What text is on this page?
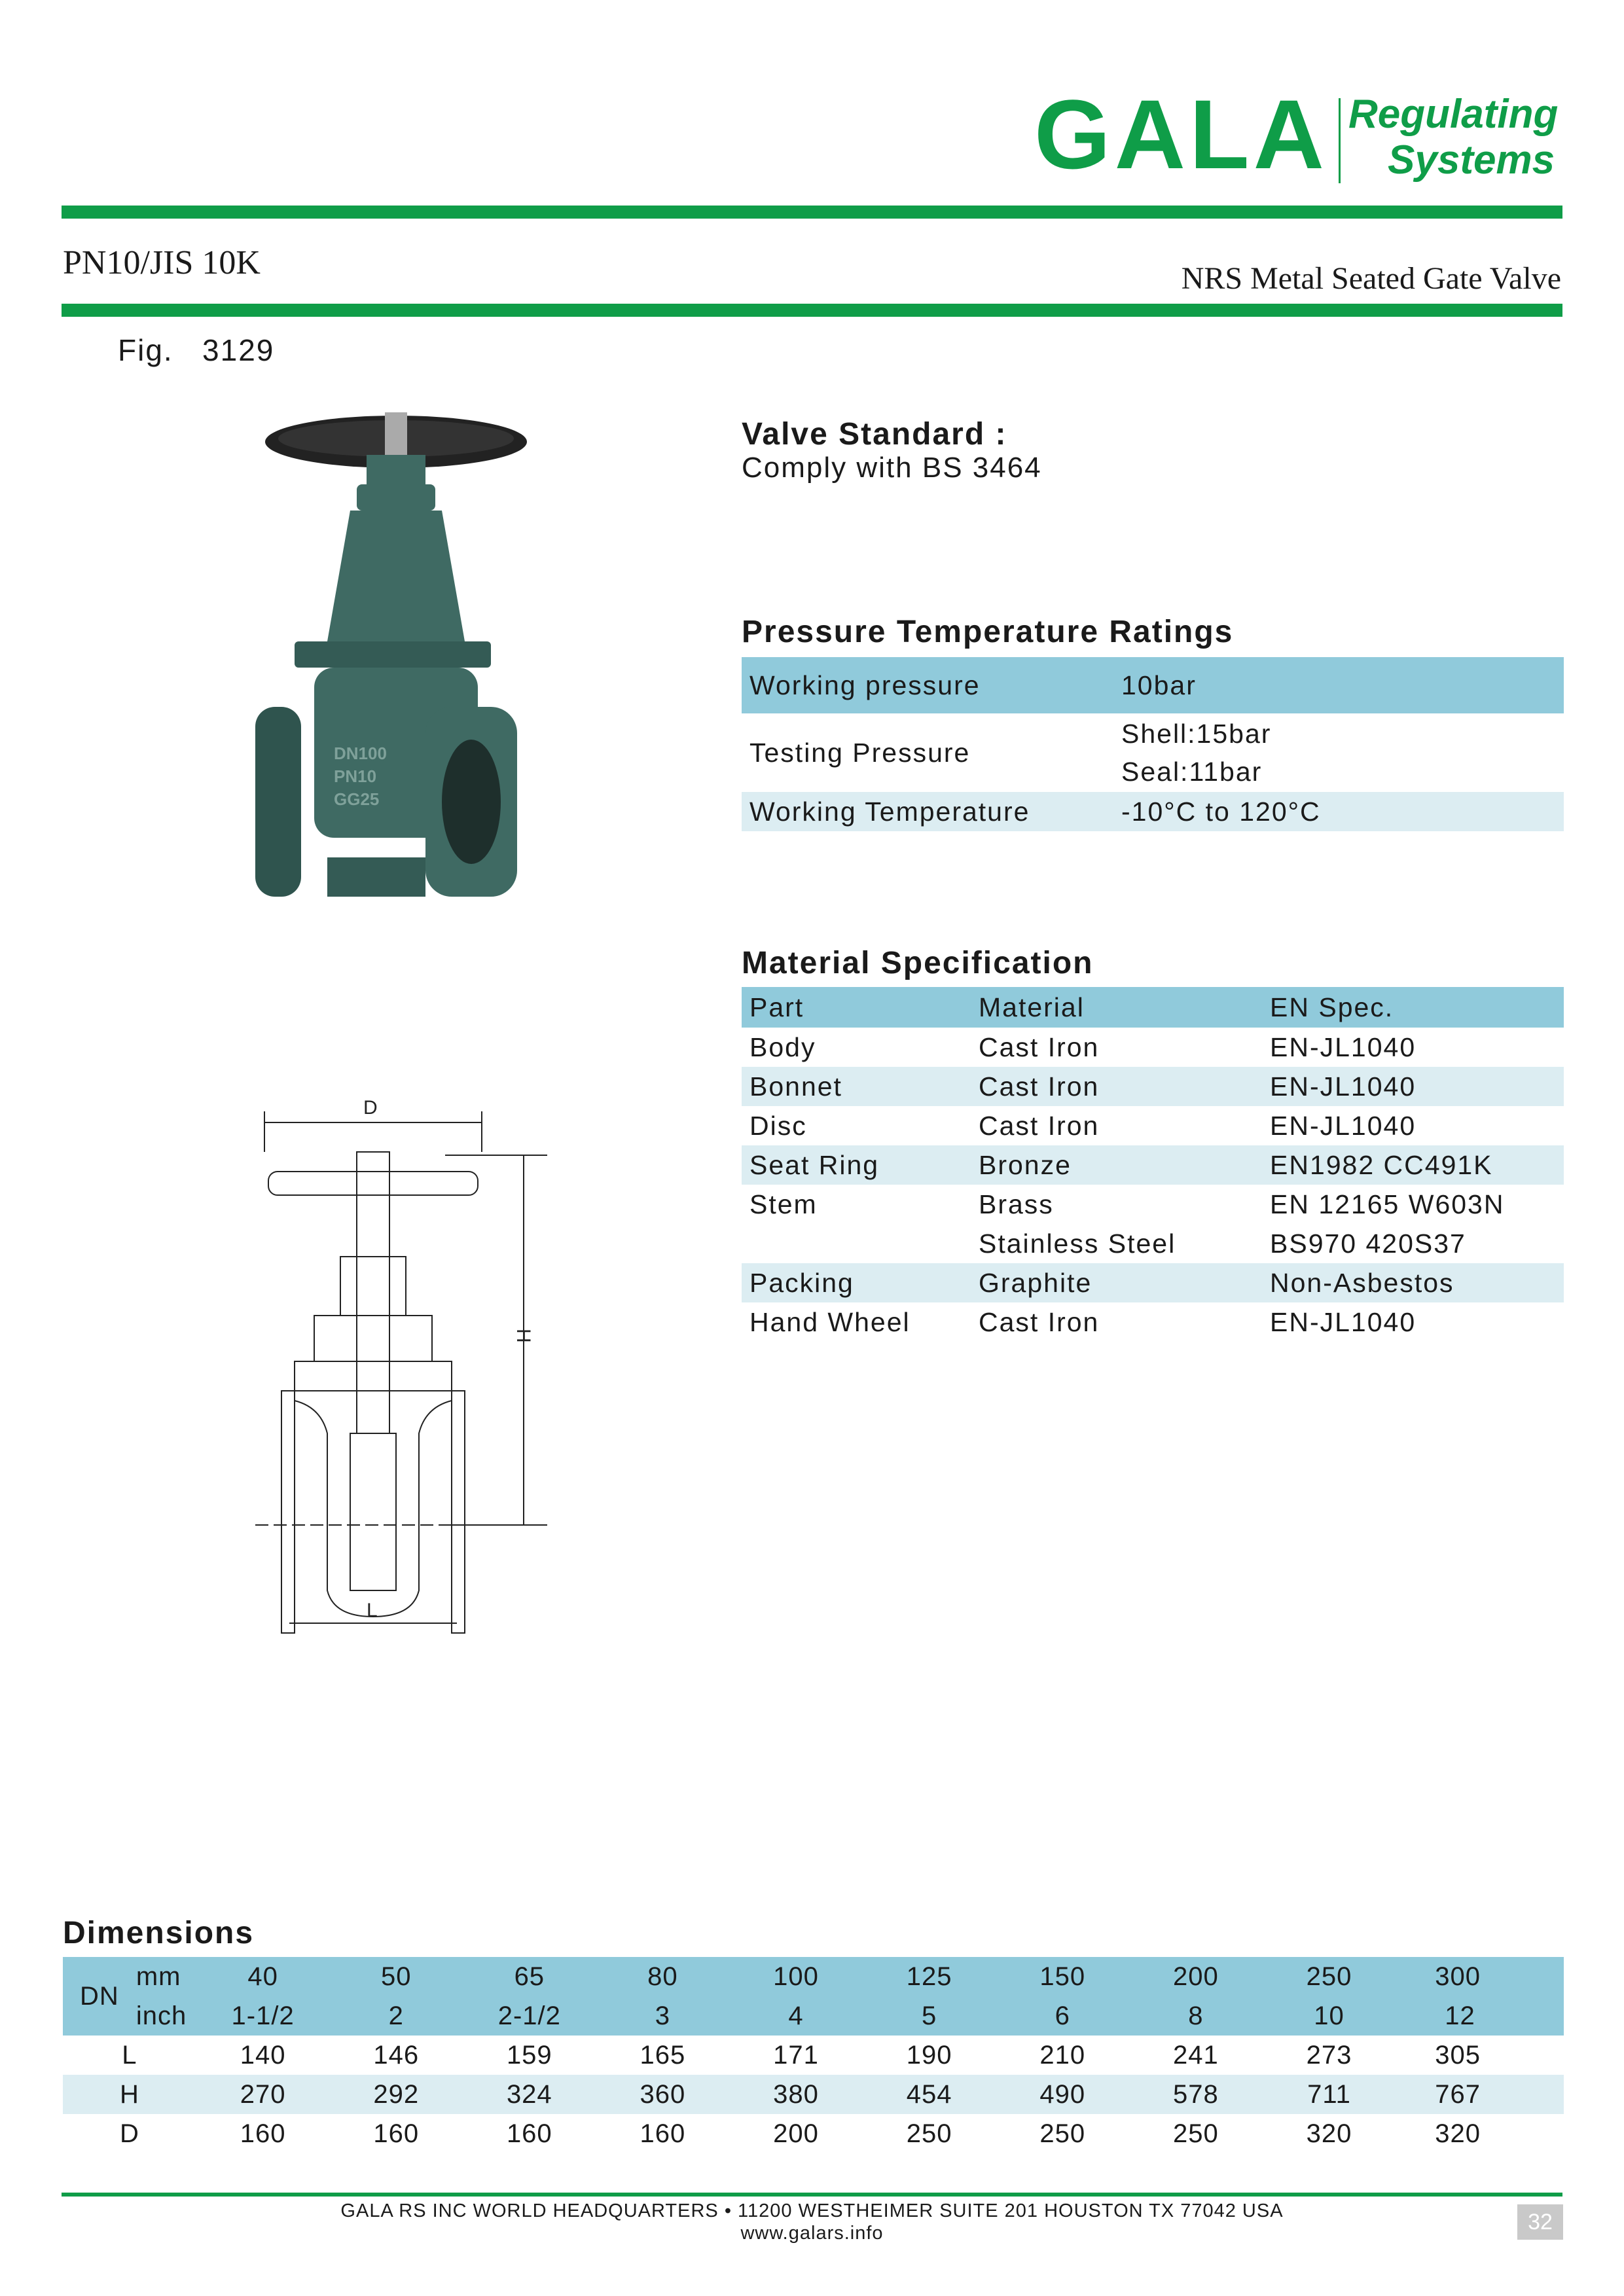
GALA Regulating
Systems
PN10/JIS 10K	NRS Metal Seated Gate Valve
Fig.   3129
DN100
PN10
GG25
D
H
L
Valve Standard :
Comply with BS 3464
Pressure Temperature Ratings
Working pressure	10bar
Testing Pressure	Shell:15bar
Seal:11bar

Working Temperature	-10°C to 120°C
Material Specification
Part	Material	EN Spec.
Body	Cast Iron	EN-JL1040
Bonnet	Cast Iron	EN-JL1040
Disc	Cast Iron	EN-JL1040
Seat Ring	Bronze	EN1982 CC491K
Stem	Brass	EN 12165 W603N
	Stainless Steel	BS970 420S37
Packing	Graphite	Non-Asbestos
Hand Wheel	Cast Iron	EN-JL1040
Dimensions
DN	mm	40	50	65	80	100	125	150	200	250	300
	inch	1-1/2	2	2-1/2	3	4	5	6	8	10	12
L		140	146	159	165	171	190	210	241	273	305
H		270	292	324	360	380	454	490	578	711	767
D		160	160	160	160	200	250	250	250	320	320
GALA RS INC WORLD HEADQUARTERS • 11200 WESTHEIMER SUITE 201 HOUSTON TX 77042 USA
www.galars.info	32
